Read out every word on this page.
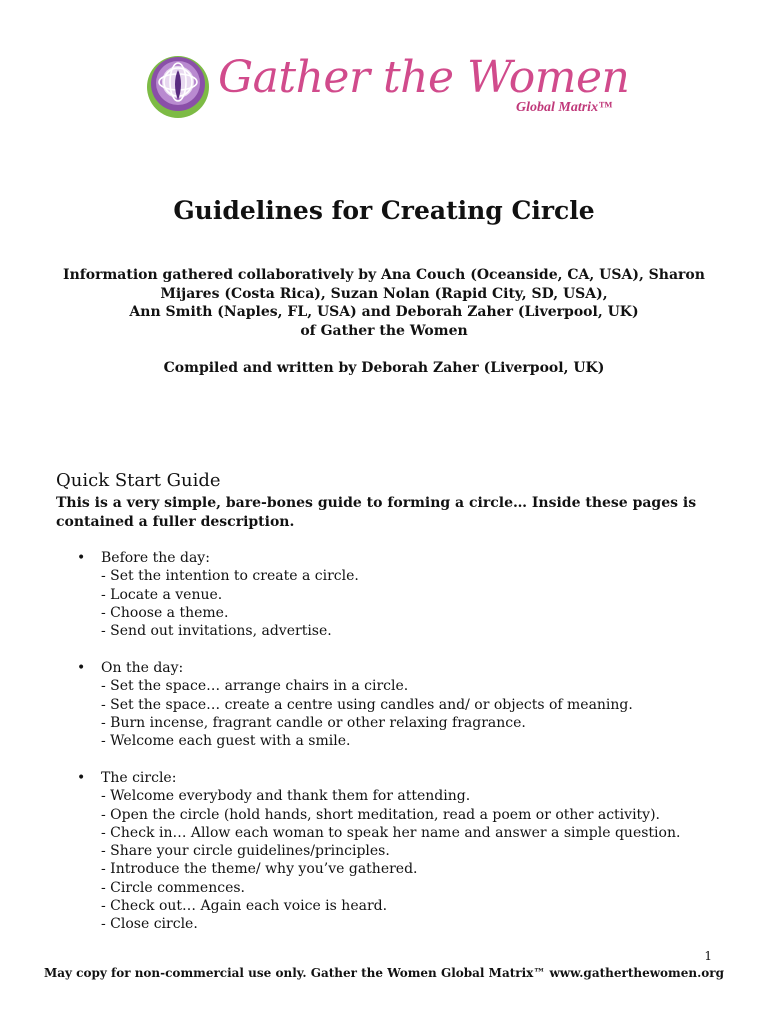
Gather the Women
Global Matrix™
Guidelines for Creating Circle

Information gathered collaboratively by Ana Couch (Oceanside, CA, USA), Sharon

Mijares (Costa Rica), Suzan Nolan (Rapid City, SD, USA),

Ann Smith (Naples, FL, USA) and Deborah Zaher (Liverpool, UK)

of Gather the Women

Compiled and written by Deborah Zaher (Liverpool, UK)
Quick Start Guide
This is a very simple, bare-bones guide to forming a circle… Inside these pages is contained a fuller description.
• Before the day:
- Set the intention to create a circle.
- Locate a venue.
- Choose a theme.
- Send out invitations, advertise.
• On the day:
- Set the space… arrange chairs in a circle.
- Set the space… create a centre using candles and/ or objects of meaning.
- Burn incense, fragrant candle or other relaxing fragrance.
- Welcome each guest with a smile.
• The circle:
- Welcome everybody and thank them for attending.
- Open the circle (hold hands, short meditation, read a poem or other activity).
- Check in… Allow each woman to speak her name and answer a simple question.
- Share your circle guidelines/principles.
- Introduce the theme/ why you’ve gathered.
- Circle commences.
- Check out… Again each voice is heard.
- Close circle.
1
May copy for non-commercial use only. Gather the Women Global Matrix™ www.gatherthewomen.org
